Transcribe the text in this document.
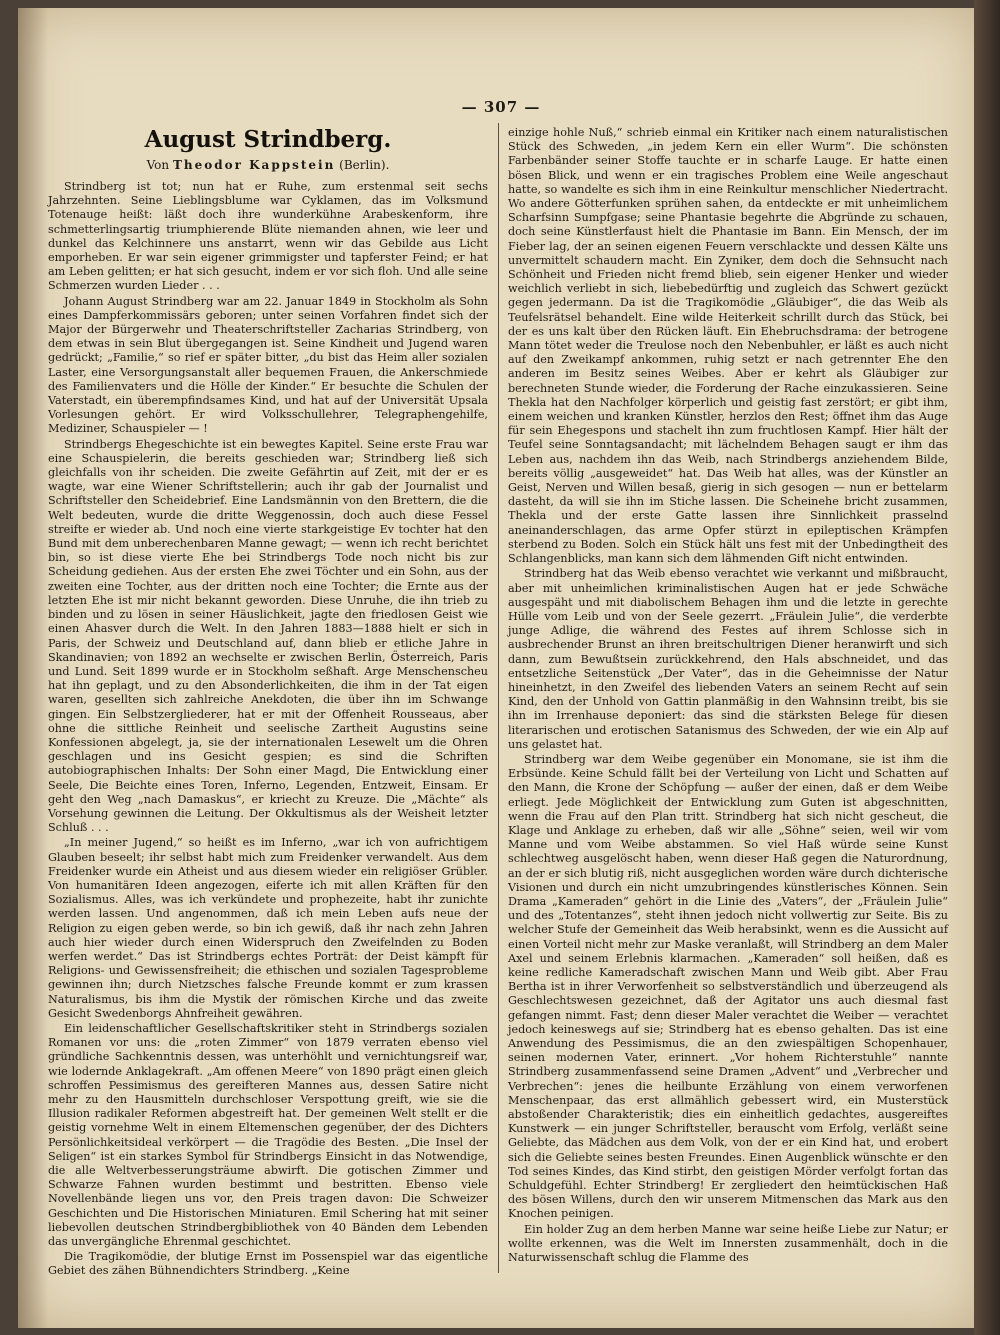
— 307 —
August Strindberg.
Von Theodor Kappstein (Berlin).

Strindberg ist tot; nun hat er Ruhe, zum erstenmal seit sechs Jahrzehnten. Seine Lieblingsblume war Cyklamen, das im Volksmund Totenauge heißt: läßt doch ihre wunderkühne Arabeskenform, ihre schmetterlingsartig triumphierende Blüte niemanden ahnen, wie leer und dunkel das Kelchinnere uns anstarrt, wenn wir das Gebilde aus Licht emporheben. Er war sein eigener grimmigster und tapferster Feind; er hat am Leben gelitten; er hat sich gesucht, indem er vor sich floh. Und alle seine Schmerzen wurden Lieder . . .

Johann August Strindberg war am 22. Januar 1849 in Stockholm als Sohn eines Dampferkommissärs geboren; unter seinen Vorfahren findet sich der Major der Bürgerwehr und Theaterschriftsteller Zacharias Strindberg, von dem etwas in sein Blut übergegangen ist. Seine Kindheit und Jugend waren gedrückt; „Familie,“ so rief er später bitter, „du bist das Heim aller sozialen Laster, eine Versorgungsanstalt aller bequemen Frauen, die Ankerschmiede des Familienvaters und die Hölle der Kinder.“ Er besuchte die Schulen der Vaterstadt, ein überempfindsames Kind, und hat auf der Universität Upsala Vorlesungen gehört. Er wird Volksschullehrer, Telegraphengehilfe, Mediziner, Schauspieler — !

Strindbergs Ehegeschichte ist ein bewegtes Kapitel. Seine erste Frau war eine Schauspielerin, die bereits geschieden war; Strindberg ließ sich gleichfalls von ihr scheiden. Die zweite Gefährtin auf Zeit, mit der er es wagte, war eine Wiener Schriftstellerin; auch ihr gab der Journalist und Schriftsteller den Scheidebrief. Eine Landsmännin von den Brettern, die die Welt bedeuten, wurde die dritte Weggenossin, doch auch diese Fessel streifte er wieder ab. Und noch eine vierte starkgeistige Ev tochter hat den Bund mit dem unberechenbaren Manne gewagt; — wenn ich recht berichtet bin, so ist diese vierte Ehe bei Strindbergs Tode noch nicht bis zur Scheidung gediehen. Aus der ersten Ehe zwei Töchter und ein Sohn, aus der zweiten eine Tochter, aus der dritten noch eine Tochter; die Ernte aus der letzten Ehe ist mir nicht bekannt geworden. Diese Unruhe, die ihn trieb zu binden und zu lösen in seiner Häuslichkeit, jagte den friedlosen Geist wie einen Ahasver durch die Welt. In den Jahren 1883—1888 hielt er sich in Paris, der Schweiz und Deutschland auf, dann blieb er etliche Jahre in Skandinavien; von 1892 an wechselte er zwischen Berlin, Österreich, Paris und Lund. Seit 1899 wurde er in Stockholm seßhaft. Arge Menschenscheu hat ihn geplagt, und zu den Absonderlichkeiten, die ihm in der Tat eigen waren, gesellten sich zahlreiche Anekdoten, die über ihn im Schwange gingen. Ein Selbstzergliederer, hat er mit der Offenheit Rousseaus, aber ohne die sittliche Reinheit und seelische Zartheit Augustins seine Konfessionen abgelegt, ja, sie der internationalen Lesewelt um die Ohren geschlagen und ins Gesicht gespien; es sind die Schriften autobiographischen Inhalts: Der Sohn einer Magd, Die Entwicklung einer Seele, Die Beichte eines Toren, Inferno, Legenden, Entzweit, Einsam. Er geht den Weg „nach Damaskus“, er kriecht zu Kreuze. Die „Mächte“ als Vorsehung gewinnen die Leitung. Der Okkultismus als der Weisheit letzter Schluß . . .

„In meiner Jugend,“ so heißt es im Inferno, „war ich von aufrichtigem Glauben beseelt; ihr selbst habt mich zum Freidenker verwandelt. Aus dem Freidenker wurde ein Atheist und aus diesem wieder ein religiöser Grübler. Von humanitären Ideen angezogen, eiferte ich mit allen Kräften für den Sozialismus. Alles, was ich verkündete und prophezeite, habt ihr zunichte werden lassen. Und angenommen, daß ich mein Leben aufs neue der Religion zu eigen geben werde, so bin ich gewiß, daß ihr nach zehn Jahren auch hier wieder durch einen Widerspruch den Zweifelnden zu Boden werfen werdet.“ Das ist Strindbergs echtes Porträt: der Deist kämpft für Religions- und Gewissensfreiheit; die ethischen und sozialen Tagesprobleme gewinnen ihn; durch Nietzsches falsche Freunde kommt er zum krassen Naturalismus, bis ihm die Mystik der römischen Kirche und das zweite Gesicht Swedenborgs Ahnfreiheit gewähren.

Ein leidenschaftlicher Gesellschaftskritiker steht in Strindbergs sozialen Romanen vor uns: die „roten Zimmer“ von 1879 verraten ebenso viel gründliche Sachkenntnis dessen, was unterhöhlt und vernichtungsreif war, wie lodernde Anklagekraft. „Am offenen Meere“ von 1890 prägt einen gleich schroffen Pessimismus des gereifteren Mannes aus, dessen Satire nicht mehr zu den Hausmitteln durchschloser Verspottung greift, wie sie die Illusion radikaler Reformen abgestreift hat. Der gemeinen Welt stellt er die geistig vornehme Welt in einem Eltemenschen gegenüber, der des Dichters Persönlichkeitsideal verkörpert — die Tragödie des Besten. „Die Insel der Seligen“ ist ein starkes Symbol für Strindbergs Einsicht in das Notwendige, die alle Weltverbesserungsträume abwirft. Die gotischen Zimmer und Schwarze Fahnen wurden bestimmt und bestritten. Ebenso viele Novellenbände liegen uns vor, den Preis tragen davon: Die Schweizer Geschichten und Die Historischen Miniaturen. Emil Schering hat mit seiner liebevollen deutschen Strindbergbibliothek von 40 Bänden dem Lebenden das unvergängliche Ehrenmal geschichtet.

Die Tragikomödie, der blutige Ernst im Possenspiel war das eigentliche Gebiet des zähen Bühnendichters Strindberg. „Keine

einzige hohle Nuß,“ schrieb einmal ein Kritiker nach einem naturalistischen Stück des Schweden, „in jedem Kern ein eller Wurm“. Die schönsten Farbenbänder seiner Stoffe tauchte er in scharfe Lauge. Er hatte einen bösen Blick, und wenn er ein tragisches Problem eine Weile angeschaut hatte, so wandelte es sich ihm in eine Reinkultur menschlicher Niedertracht. Wo andere Götterfunken sprühen sahen, da entdeckte er mit unheimlichem Scharfsinn Sumpfgase; seine Phantasie begehrte die Abgründe zu schauen, doch seine Künstlerfaust hielt die Phantasie im Bann. Ein Mensch, der im Fieber lag, der an seinen eigenen Feuern verschlackte und dessen Kälte uns unvermittelt schaudern macht. Ein Zyniker, dem doch die Sehnsucht nach Schönheit und Frieden nicht fremd blieb, sein eigener Henker und wieder weichlich verliebt in sich, liebebedürftig und zugleich das Schwert gezückt gegen jedermann. Da ist die Tragikomödie „Gläubiger“, die das Weib als Teufelsrätsel behandelt. Eine wilde Heiterkeit schrillt durch das Stück, bei der es uns kalt über den Rücken läuft. Ein Ehebruchsdrama: der betrogene Mann tötet weder die Treulose noch den Nebenbuhler, er läßt es auch nicht auf den Zweikampf ankommen, ruhig setzt er nach getrennter Ehe den anderen im Besitz seines Weibes. Aber er kehrt als Gläubiger zur berechneten Stunde wieder, die Forderung der Rache einzukassieren. Seine Thekla hat den Nachfolger körperlich und geistig fast zerstört; er gibt ihm, einem weichen und kranken Künstler, herzlos den Rest; öffnet ihm das Auge für sein Ehegespons und stachelt ihn zum fruchtlosen Kampf. Hier hält der Teufel seine Sonntagsandacht; mit lächelndem Behagen saugt er ihm das Leben aus, nachdem ihn das Weib, nach Strindbergs anziehendem Bilde, bereits völlig „ausgeweidet“ hat. Das Weib hat alles, was der Künstler an Geist, Nerven und Willen besaß, gierig in sich gesogen — nun er bettelarm dasteht, da will sie ihn im Stiche lassen. Die Scheinehe bricht zusammen, Thekla und der erste Gatte lassen ihre Sinnlichkeit prasselnd aneinanderschlagen, das arme Opfer stürzt in epileptischen Krämpfen sterbend zu Boden. Solch ein Stück hält uns fest mit der Unbedingtheit des Schlangenblicks, man kann sich dem lähmenden Gift nicht entwinden.

Strindberg hat das Weib ebenso verachtet wie verkannt und mißbraucht, aber mit unheimlichen kriminalistischen Augen hat er jede Schwäche ausgespäht und mit diabolischem Behagen ihm und die letzte in gerechte Hülle vom Leib und von der Seele gezerrt. „Fräulein Julie“, die verderbte junge Adlige, die während des Festes auf ihrem Schlosse sich in ausbrechender Brunst an ihren breitschultrigen Diener heranwirft und sich dann, zum Bewußtsein zurückkehrend, den Hals abschneidet, und das entsetzliche Seitenstück „Der Vater“, das in die Geheimnisse der Natur hineinhetzt, in den Zweifel des liebenden Vaters an seinem Recht auf sein Kind, den der Unhold von Gattin planmäßig in den Wahnsinn treibt, bis sie ihn im Irrenhause deponiert: das sind die stärksten Belege für diesen literarischen und erotischen Satanismus des Schweden, der wie ein Alp auf uns gelastet hat.

Strindberg war dem Weibe gegenüber ein Monomane, sie ist ihm die Erbsünde. Keine Schuld fällt bei der Verteilung von Licht und Schatten auf den Mann, die Krone der Schöpfung — außer der einen, daß er dem Weibe erliegt. Jede Möglichkeit der Entwicklung zum Guten ist abgeschnitten, wenn die Frau auf den Plan tritt. Strindberg hat sich nicht gescheut, die Klage und Anklage zu erheben, daß wir alle „Söhne“ seien, weil wir vom Manne und vom Weibe abstammen. So viel Haß würde seine Kunst schlechtweg ausgelöscht haben, wenn dieser Haß gegen die Naturordnung, an der er sich blutig riß, nicht ausgeglichen worden wäre durch dichterische Visionen und durch ein nicht umzubringendes künstlerisches Können. Sein Drama „Kameraden“ gehört in die Linie des „Vaters“, der „Fräulein Julie“ und des „Totentanzes“, steht ihnen jedoch nicht vollwertig zur Seite. Bis zu welcher Stufe der Gemeinheit das Weib herabsinkt, wenn es die Aussicht auf einen Vorteil nicht mehr zur Maske veranlaßt, will Strindberg an dem Maler Axel und seinem Erlebnis klarmachen. „Kameraden“ soll heißen, daß es keine redliche Kameradschaft zwischen Mann und Weib gibt. Aber Frau Bertha ist in ihrer Verworfenheit so selbstverständlich und überzeugend als Geschlechtswesen gezeichnet, daß der Agitator uns auch diesmal fast gefangen nimmt. Fast; denn dieser Maler verachtet die Weiber — verachtet jedoch keineswegs auf sie; Strindberg hat es ebenso gehalten. Das ist eine Anwendung des Pessimismus, die an den zwiespältigen Schopenhauer, seinen modernen Vater, erinnert. „Vor hohem Richterstuhle“ nannte Strindberg zusammenfassend seine Dramen „Advent“ und „Verbrecher und Verbrechen“: jenes die heilbunte Erzählung von einem verworfenen Menschenpaar, das erst allmählich gebessert wird, ein Musterstück abstoßender Charakteristik; dies ein einheitlich gedachtes, ausgereiftes Kunstwerk — ein junger Schriftsteller, berauscht vom Erfolg, verläßt seine Geliebte, das Mädchen aus dem Volk, von der er ein Kind hat, und erobert sich die Geliebte seines besten Freundes. Einen Augenblick wünschte er den Tod seines Kindes, das Kind stirbt, den geistigen Mörder verfolgt fortan das Schuldgefühl. Echter Strindberg! Er zergliedert den heimtückischen Haß des bösen Willens, durch den wir unserem Mitmenschen das Mark aus den Knochen peinigen.

Ein holder Zug an dem herben Manne war seine heiße Liebe zur Natur; er wollte erkennen, was die Welt im Innersten zusammenhält, doch in die Naturwissenschaft schlug die Flamme des
